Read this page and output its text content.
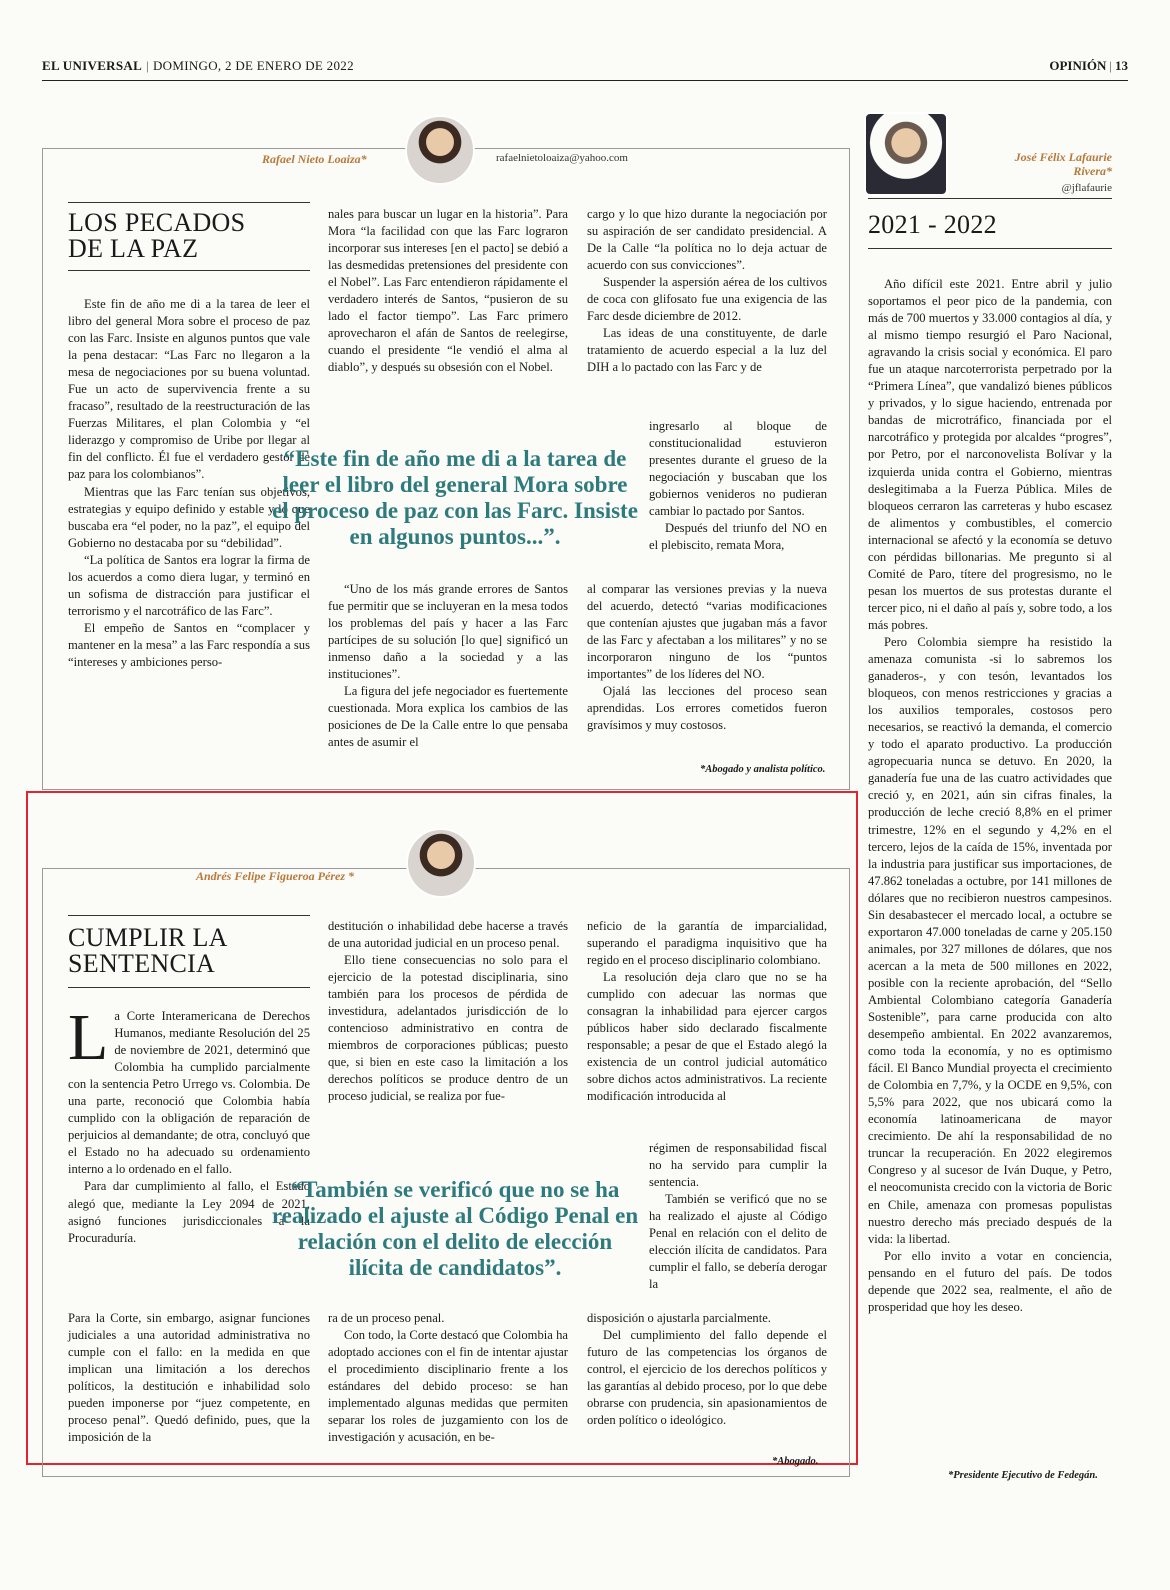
EL UNIVERSAL | DOMINGO, 2 DE ENERO DE 2022	OPINIÓN | 13
Rafael Nieto Loaiza*	rafaelnietoloaiza@yahoo.com
LOS PECADOS
DE LA PAZ

Este fin de año me di a la tarea de leer el libro del general Mora sobre el proceso de paz con las Farc. Insiste en algunos puntos que vale la pena destacar: “Las Farc no llegaron a la mesa de negociaciones por su buena voluntad. Fue un acto de supervivencia frente a su fracaso”, resultado de la reestructuración de las Fuerzas Militares, el plan Colombia y “el liderazgo y compromiso de Uribe por llegar al fin del conflicto. Él fue el verdadero gestor de paz para los colombianos”.

Mientras que las Farc tenían sus objetivos, estrategias y equipo definido y estable y lo que buscaba era “el poder, no la paz”, el equipo del Gobierno no destacaba por su “debilidad”.

“La política de Santos era lograr la firma de los acuerdos a como diera lugar, y terminó en un sofisma de distracción para justificar el terrorismo y el narcotráfico de las Farc”.

El empeño de Santos en “complacer y mantener en la mesa” a las Farc respondía a sus “intereses y ambiciones perso-

nales para buscar un lugar en la historia”. Para Mora “la facilidad con que las Farc lograron incorporar sus intereses [en el pacto] se debió a las desmedidas pretensiones del presidente con el Nobel”. Las Farc entendieron rápidamente el verdadero interés de Santos, “pusieron de su lado el factor tiempo”. Las Farc primero aprovecharon el afán de Santos de reelegirse, cuando el presidente “le vendió el alma al diablo”, y después su obsesión con el Nobel.

“Este fin de año me di a la tarea de leer el libro del general Mora sobre el proceso de paz con las Farc. Insiste en algunos puntos...”.

“Uno de los más grande errores de Santos fue permitir que se incluyeran en la mesa todos los problemas del país y hacer a las Farc partícipes de su solución [lo que] significó un inmenso daño a la sociedad y a las instituciones”.

La figura del jefe negociador es fuertemente cuestionada. Mora explica los cambios de las posiciones de De la Calle entre lo que pensaba antes de asumir el

cargo y lo que hizo durante la negociación por su aspiración de ser candidato presidencial. A De la Calle “la política no lo deja actuar de acuerdo con sus convicciones”.

Suspender la aspersión aérea de los cultivos de coca con glifosato fue una exigencia de las Farc desde diciembre de 2012.

Las ideas de una constituyente, de darle tratamiento de acuerdo especial a la luz del DIH a lo pactado con las Farc y de

ingresarlo al bloque de constitucionalidad estuvieron presentes durante el grueso de la negociación y buscaban que los gobiernos venideros no pudieran cambiar lo pactado por Santos.

Después del triunfo del NO en el plebiscito, remata Mora,

al comparar las versiones previas y la nueva del acuerdo, detectó “varias modificaciones que contenían ajustes que jugaban más a favor de las Farc y afectaban a los militares” y no se incorporaron ninguno de los “puntos importantes” de los líderes del NO.

Ojalá las lecciones del proceso sean aprendidas. Los errores cometidos fueron gravísimos y muy costosos.

*Abogado y analista político.
Andrés Felipe Figueroa Pérez *
CUMPLIR LA
SENTENCIA
L a Corte Interamericana de Derechos Humanos, mediante Resolución del 25 de noviembre de 2021, determinó que Colombia ha cumplido parcialmente con la sentencia Petro Urrego vs. Colombia. De una parte, reconoció que Colombia había cumplido con la obligación de reparación de perjuicios al demandante; de otra, concluyó que el Estado no ha adecuado su ordenamiento interno a lo ordenado en el fallo.

Para dar cumplimiento al fallo, el Estado alegó que, mediante la Ley 2094 de 2021, asignó funciones jurisdiccionales a la Procuraduría.

Para la Corte, sin embargo, asignar funciones judiciales a una autoridad administrativa no cumple con el fallo: en la medida en que implican una limitación a los derechos políticos, la destitución e inhabilidad solo pueden imponerse por “juez competente, en proceso penal”. Quedó definido, pues, que la imposición de la

destitución o inhabilidad debe hacerse a través de una autoridad judicial en un proceso penal.

Ello tiene consecuencias no solo para el ejercicio de la potestad disciplinaria, sino también para los procesos de pérdida de investidura, adelantados jurisdicción de lo contencioso administrativo en contra de miembros de corporaciones públicas; puesto que, si bien en este caso la limitación a los derechos políticos se produce dentro de un proceso judicial, se realiza por fue-

“También se verificó que no se ha realizado el ajuste al Código Penal en relación con el delito de elección ilícita de candidatos”.

ra de un proceso penal.

Con todo, la Corte destacó que Colombia ha adoptado acciones con el fin de intentar ajustar el procedimiento disciplinario frente a los estándares del debido proceso: se han implementado algunas medidas que permiten separar los roles de juzgamiento con los de investigación y acusación, en be-

neficio de la garantía de imparcialidad, superando el paradigma inquisitivo que ha regido en el proceso disciplinario colombiano.

La resolución deja claro que no se ha cumplido con adecuar las normas que consagran la inhabilidad para ejercer cargos públicos haber sido declarado fiscalmente responsable; a pesar de que el Estado alegó la existencia de un control judicial automático sobre dichos actos administrativos. La reciente modificación introducida al

régimen de responsabilidad fiscal no ha servido para cumplir la sentencia.

También se verificó que no se ha realizado el ajuste al Código Penal en relación con el delito de elección ilícita de candidatos. Para cumplir el fallo, se debería derogar la

disposición o ajustarla parcialmente.

Del cumplimiento del fallo depende el futuro de las competencias los órganos de control, el ejercicio de los derechos políticos y las garantías al debido proceso, por lo que debe obrarse con prudencia, sin apasionamientos de orden político o ideológico.

*Abogado.
José Félix Lafaurie
Rivera*
@jflafaurie
2021 - 2022

Año difícil este 2021. Entre abril y julio soportamos el peor pico de la pandemia, con más de 700 muertos y 33.000 contagios al día, y al mismo tiempo resurgió el Paro Nacional, agravando la crisis social y económica. El paro fue un ataque narcoterrorista perpetrado por la “Primera Línea”, que vandalizó bienes públicos y privados, y lo sigue haciendo, entrenada por bandas de microtráfico, financiada por el narcotráfico y protegida por alcaldes “progres”, por Petro, por el narconovelista Bolívar y la izquierda unida contra el Gobierno, mientras deslegitimaba a la Fuerza Pública. Miles de bloqueos cerraron las carreteras y hubo escasez de alimentos y combustibles, el comercio internacional se afectó y la economía se detuvo con pérdidas billonarias. Me pregunto si al Comité de Paro, títere del progresismo, no le pesan los muertos de sus protestas durante el tercer pico, ni el daño al país y, sobre todo, a los más pobres.

Pero Colombia siempre ha resistido la amenaza comunista -si lo sabremos los ganaderos-, y con tesón, levantados los bloqueos, con menos restricciones y gracias a los auxilios temporales, costosos pero necesarios, se reactivó la demanda, el comercio y todo el aparato productivo. La producción agropecuaria nunca se detuvo. En 2020, la ganadería fue una de las cuatro actividades que creció y, en 2021, aún sin cifras finales, la producción de leche creció 8,8% en el primer trimestre, 12% en el segundo y 4,2% en el tercero, lejos de la caída de 15%, inventada por la industria para justificar sus importaciones, de 47.862 toneladas a octubre, por 141 millones de dólares que no recibieron nuestros campesinos. Sin desabastecer el mercado local, a octubre se exportaron 47.000 toneladas de carne y 205.150 animales, por 327 millones de dólares, que nos acercan a la meta de 500 millones en 2022, posible con la reciente aprobación, del “Sello Ambiental Colombiano categoría Ganadería Sostenible”, para carne producida con alto desempeño ambiental. En 2022 avanzaremos, como toda la economía, y no es optimismo fácil. El Banco Mundial proyecta el crecimiento de Colombia en 7,7%, y la OCDE en 9,5%, con 5,5% para 2022, que nos ubicará como la economía latinoamericana de mayor crecimiento. De ahí la responsabilidad de no truncar la recuperación. En 2022 elegiremos Congreso y al sucesor de Iván Duque, y Petro, el neocomunista crecido con la victoria de Boric en Chile, amenaza con promesas populistas nuestro derecho más preciado después de la vida: la libertad.

Por ello invito a votar en conciencia, pensando en el futuro del país. De todos depende que 2022 sea, realmente, el año de prosperidad que hoy les deseo.

*Presidente Ejecutivo de Fedegán.
